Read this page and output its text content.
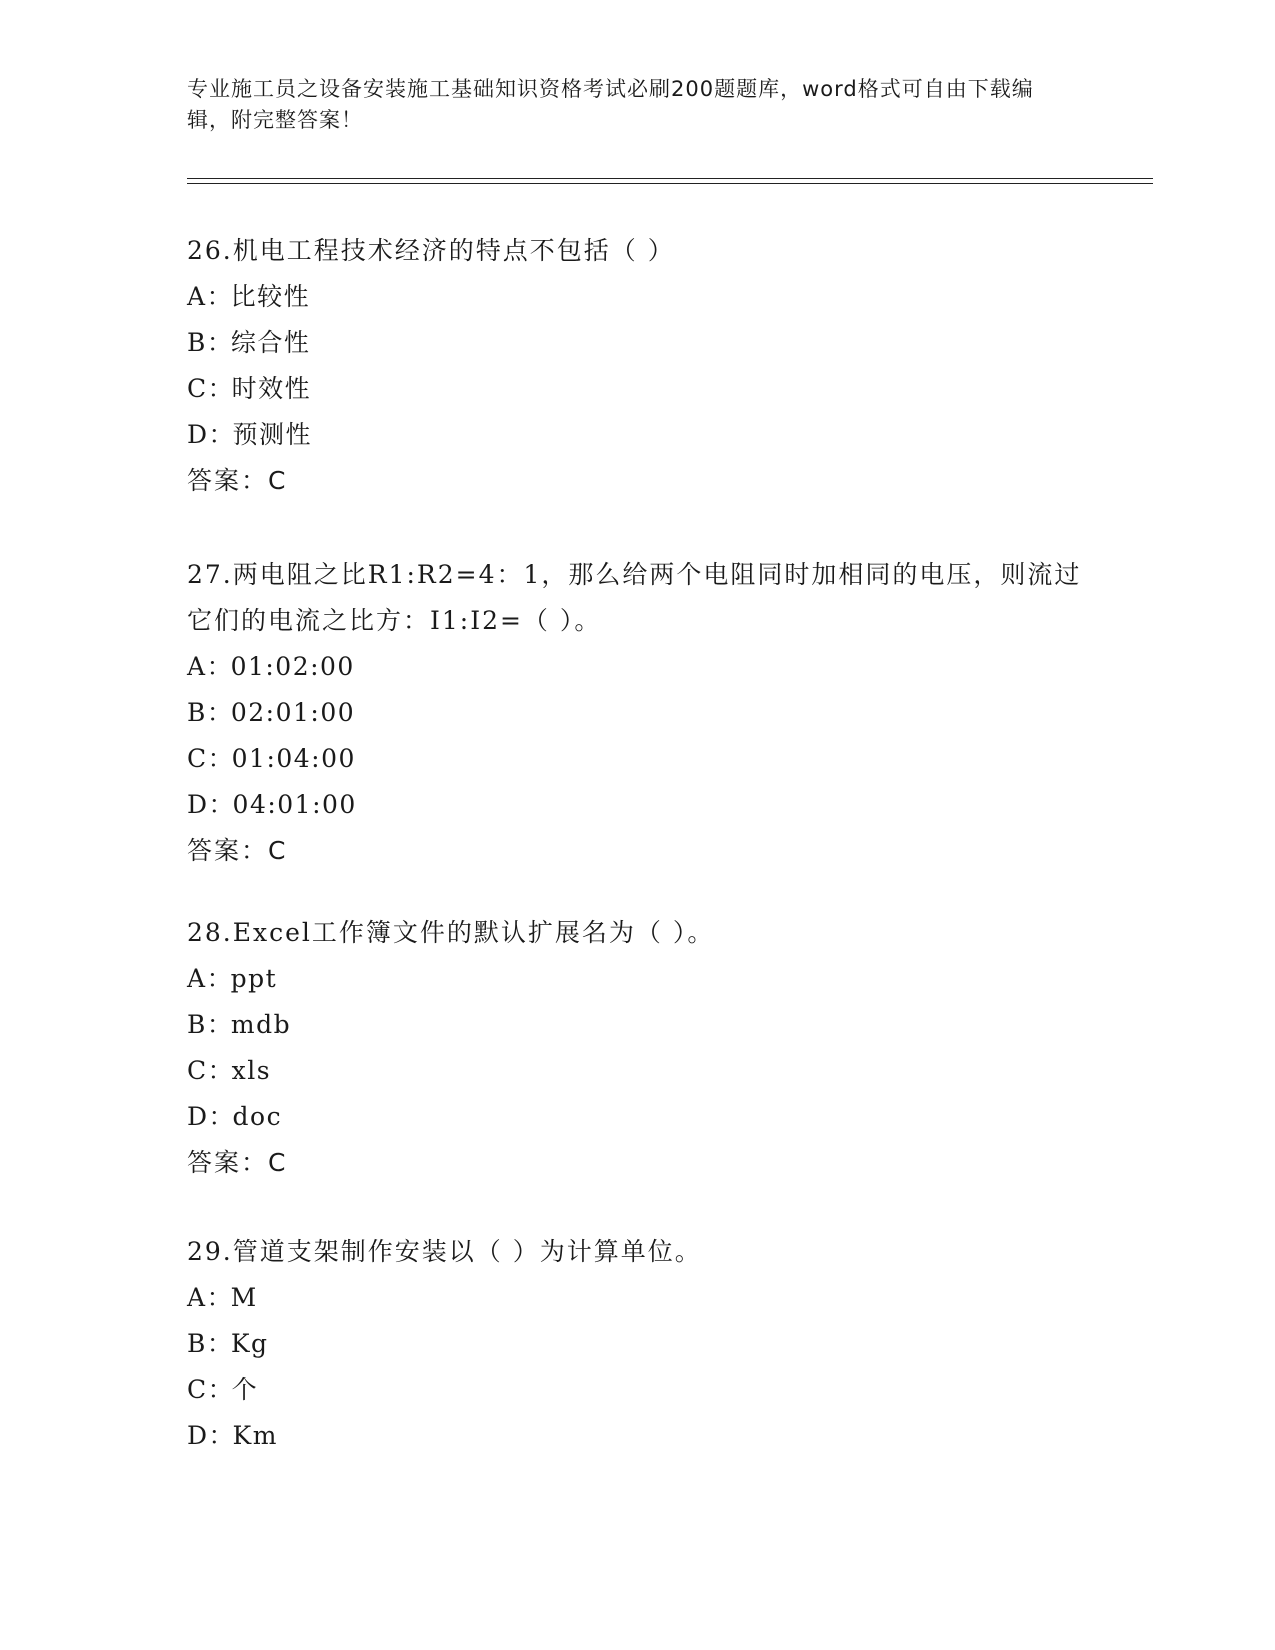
专业施工员之设备安装施工基础知识资格考试必刷200题题库，word格式可自由下载编辑，附完整答案！
26.机电工程技术经济的特点不包括（ ）
A：比较性
B：综合性
C：时效性
D：预测性
答案：C
27.两电阻之比R1:R2=4：1，那么给两个电阻同时加相同的电压，则流过它们的电流之比方：I1:I2=（ ）。
A：01:02:00
B：02:01:00
C：01:04:00
D：04:01:00
答案：C
28.Excel工作簿文件的默认扩展名为（ ）。
A：ppt
B：mdb
C：xls
D：doc
答案：C
29.管道支架制作安装以（ ）为计算单位。
A：M
B：Kg
C：个
D：Km
